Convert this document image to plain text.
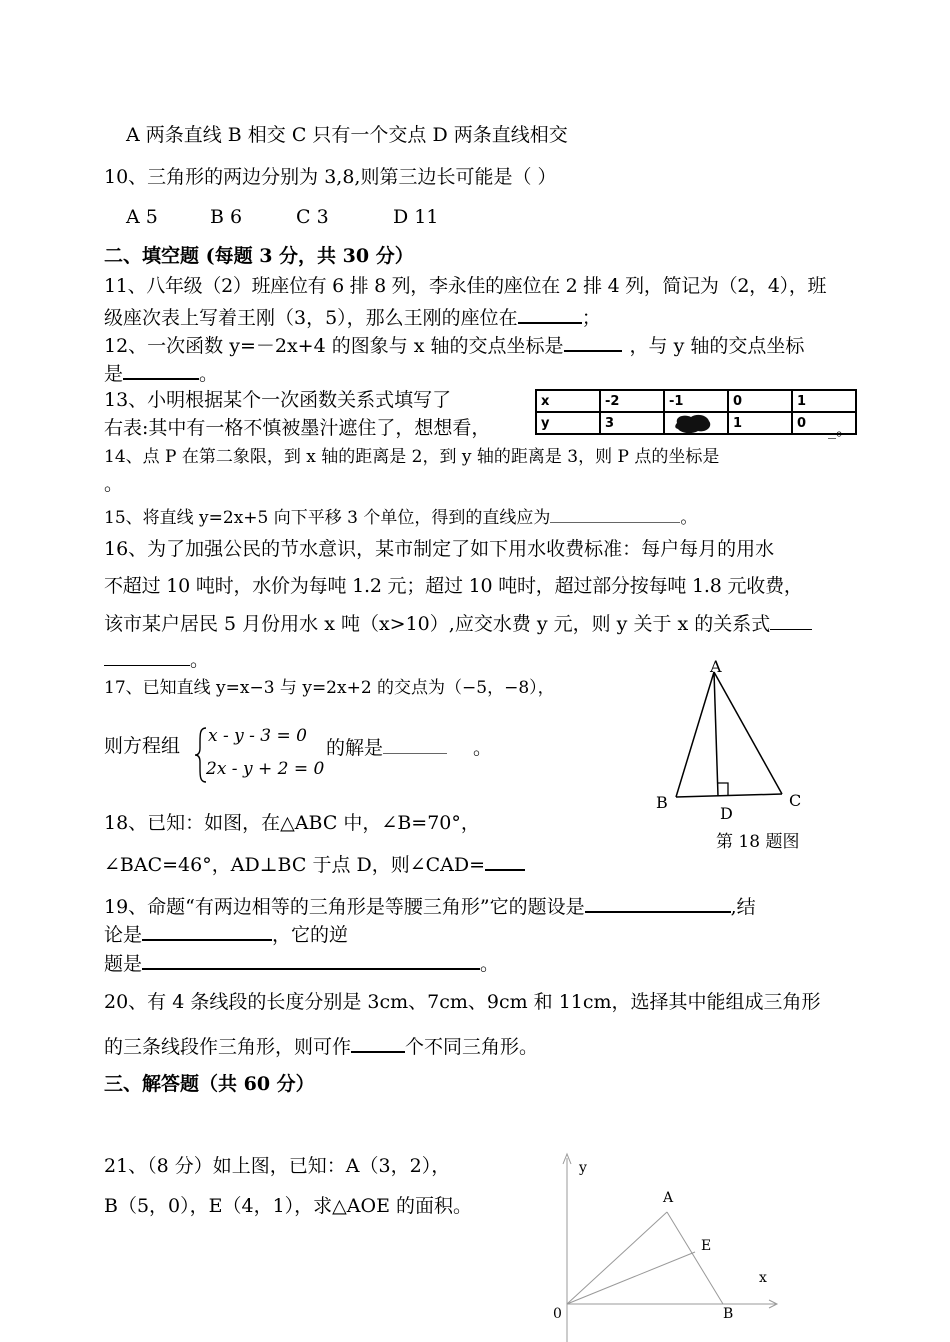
A 两条直线 B 相交 C 只有一个交点 D 两条直线相交
10、三角形的两边分别为 3,8,则第三边长可能是（ ）
A 5	B 6	C 3	D 11
二、填空题 (每题 3 分，共 30 分）
11、八年级（2）班座位有 6 排 8 列，李永佳的座位在 2 排 4 列，简记为（2，4），班
级座次表上写着王刚（3，5），那么王刚的座位在	；
12、一次函数 y=－2x+4 的图象与 x 轴的交点坐标是	，与 y 轴的交点坐标
是	。
13、小明根据某个一次函数关系式填写了
右表:其中有一格不慎被墨汁遮住了，想想看，
x	-2	-1	0	1
y	3		1	0 。
14、点 P 在第二象限，到 x 轴的距离是 2，到 y 轴的距离是 3，则 P 点的坐标是
。
15、将直线 y=2x+5 向下平移 3 个单位，得到的直线应为	。
16、为了加强公民的节水意识，某市制定了如下用水收费标准：每户每月的用水
不超过 10 吨时，水价为每吨 1.2 元；超过 10 吨时，超过部分按每吨 1.8 元收费，
该市某户居民 5 月份用水 x 吨（x>10）,应交水费 y 元，则 y 关于 x 的关系式
。
17、已知直线 y=x−3 与 y=2x+2 的交点为（−5，−8），
则方程组 x - y - 3 = 0
2x - y + 2 = 0
的解是	。
18、已知：如图，在△ABC 中，∠B=70°，
∠BAC=46°，AD⊥BC 于点 D，则∠CAD=
A
B	C
D
第 18 题图
19、命题“有两边相等的三角形是等腰三角形”它的题设是	,结
论是	，它的逆
题是	。
20、有 4 条线段的长度分别是 3cm、7cm、9cm 和 11cm，选择其中能组成三角形
的三条线段作三角形，则可作	个不同三角形。
三、解答题（共 60 分）
21、（8 分）如上图，已知：A（3，2），
B（5，0），E（4，1），求△AOE 的面积。
y
x
0
A
E
B
